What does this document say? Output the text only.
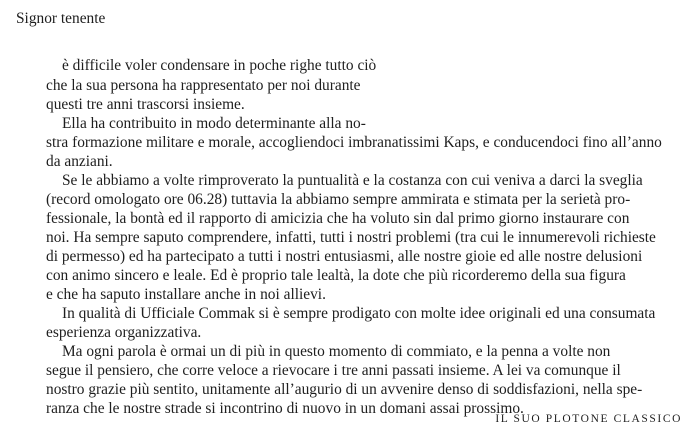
Signor tenente
è difficile voler condensare in poche righe tutto ciò
che la sua persona ha rappresentato per noi durante
questi tre anni trascorsi insieme.
Ella ha contribuito in modo determinante alla no-
stra formazione militare e morale, accogliendoci imbranatissimi Kaps, e conducendoci fino all’anno
da anziani.
Se le abbiamo a volte rimproverato la puntualità e la costanza con cui veniva a darci la sveglia
(record omologato ore 06.28) tuttavia la abbiamo sempre ammirata e stimata per la serietà pro-
fessionale, la bontà ed il rapporto di amicizia che ha voluto sin dal primo giorno instaurare con
noi. Ha sempre saputo comprendere, infatti, tutti i nostri problemi (tra cui le innumerevoli richieste
di permesso) ed ha partecipato a tutti i nostri entusiasmi, alle nostre gioie ed alle nostre delusioni
con animo sincero e leale. Ed è proprio tale lealtà, la dote che più ricorderemo della sua figura
e che ha saputo installare anche in noi allievi.
In qualità di Ufficiale Commak si è sempre prodigato con molte idee originali ed una consumata
esperienza organizzativa.
Ma ogni parola è ormai un di più in questo momento di commiato, e la penna a volte non
segue il pensiero, che corre veloce a rievocare i tre anni passati insieme. A lei va comunque il
nostro grazie più sentito, unitamente all’augurio di un avvenire denso di soddisfazioni, nella spe-
ranza che le nostre strade si incontrino di nuovo in un domani assai prossimo.
IL SUO PLOTONE CLASSICO
